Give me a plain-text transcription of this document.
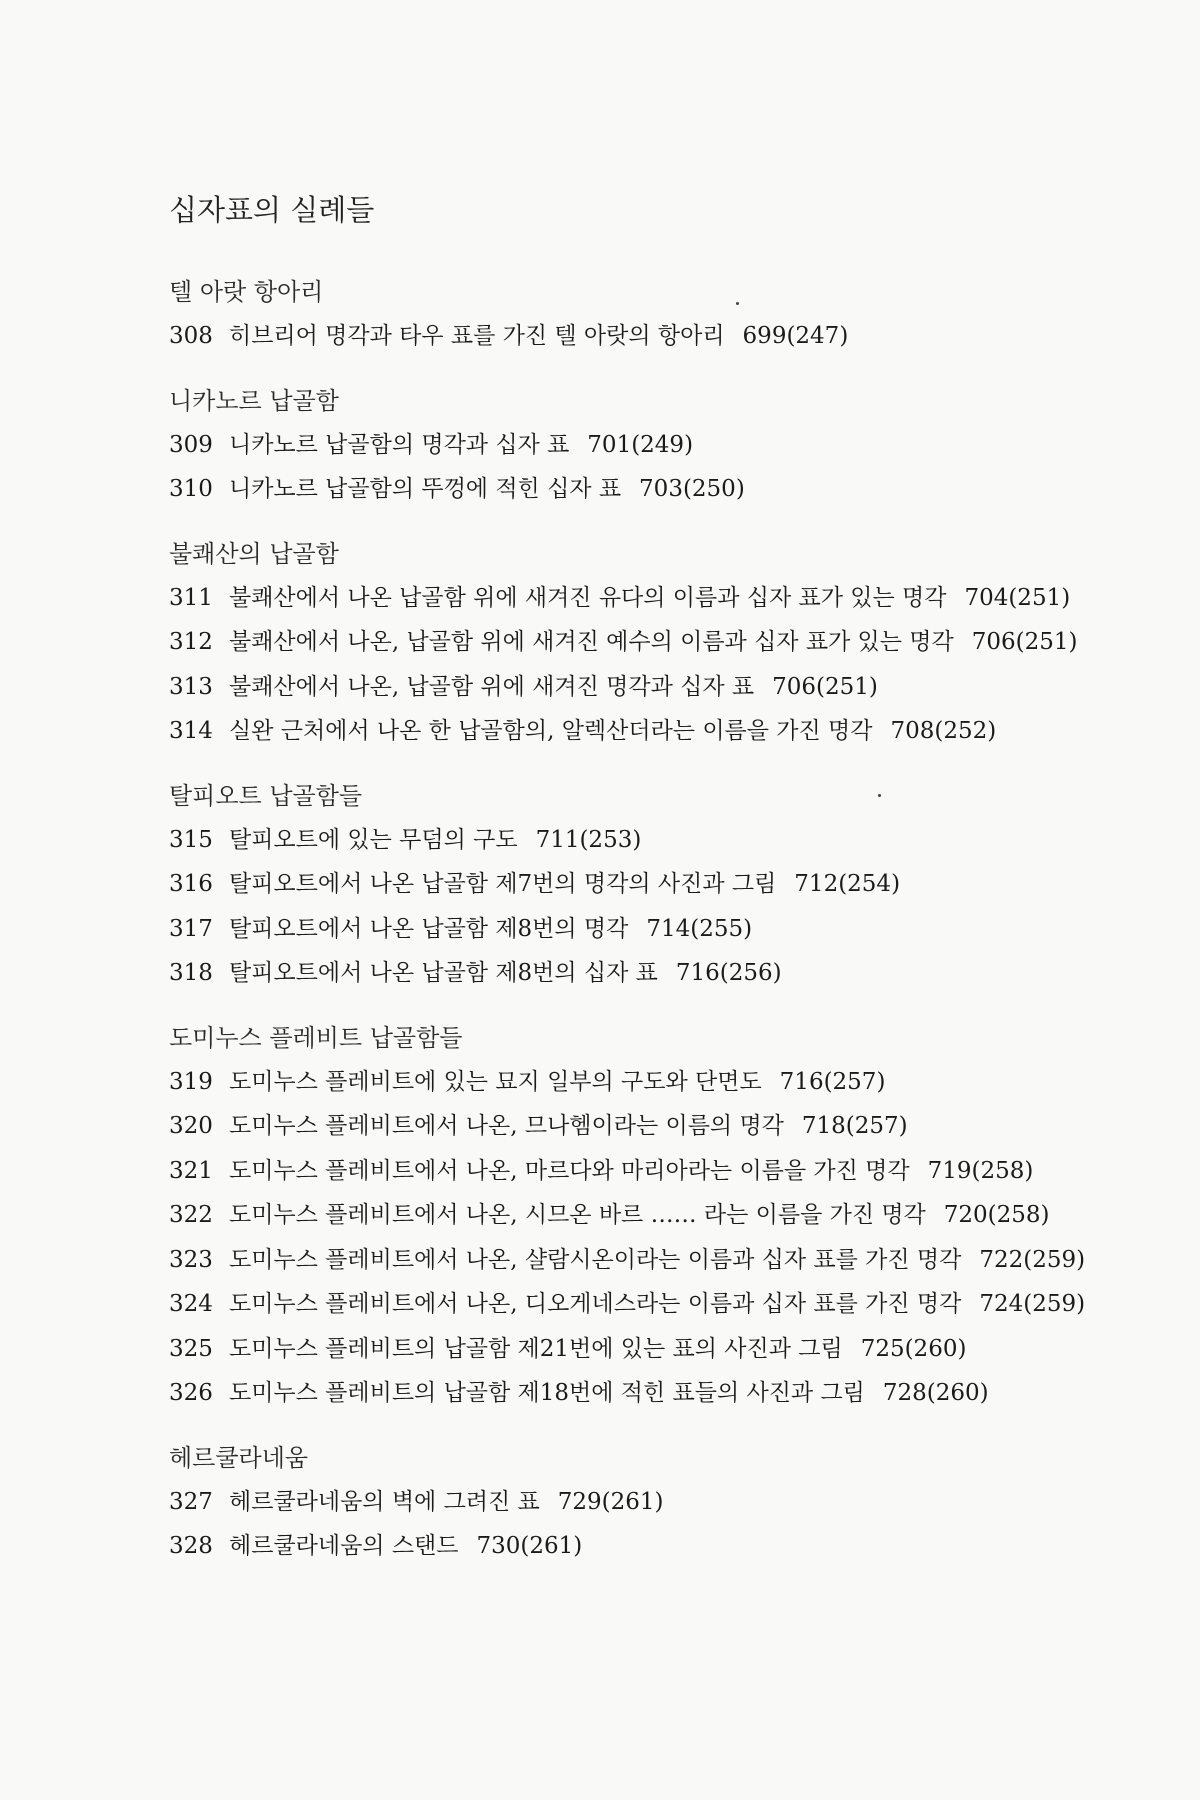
십자표의 실례들
텔 아랏 항아리
308 히브리어 명각과 타우 표를 가진 텔 아랏의 항아리 699(247)
니카노르 납골함
309 니카노르 납골함의 명각과 십자 표 701(249)
310 니카노르 납골함의 뚜껑에 적힌 십자 표 703(250)
불쾌산의 납골함
311 불쾌산에서 나온 납골함 위에 새겨진 유다의 이름과 십자 표가 있는 명각 704(251)
312 불쾌산에서 나온, 납골함 위에 새겨진 예수의 이름과 십자 표가 있는 명각 706(251)
313 불쾌산에서 나온, 납골함 위에 새겨진 명각과 십자 표 706(251)
314 실완 근처에서 나온 한 납골함의, 알렉산더라는 이름을 가진 명각 708(252)
탈피오트 납골함들
315 탈피오트에 있는 무덤의 구도 711(253)
316 탈피오트에서 나온 납골함 제7번의 명각의 사진과 그림 712(254)
317 탈피오트에서 나온 납골함 제8번의 명각 714(255)
318 탈피오트에서 나온 납골함 제8번의 십자 표 716(256)
도미누스 플레비트 납골함들
319 도미누스 플레비트에 있는 묘지 일부의 구도와 단면도 716(257)
320 도미누스 플레비트에서 나온, 므나헴이라는 이름의 명각 718(257)
321 도미누스 플레비트에서 나온, 마르다와 마리아라는 이름을 가진 명각 719(258)
322 도미누스 플레비트에서 나온, 시므온 바르 …… 라는 이름을 가진 명각 720(258)
323 도미누스 플레비트에서 나온, 샬람시온이라는 이름과 십자 표를 가진 명각 722(259)
324 도미누스 플레비트에서 나온, 디오게네스라는 이름과 십자 표를 가진 명각 724(259)
325 도미누스 플레비트의 납골함 제21번에 있는 표의 사진과 그림 725(260)
326 도미누스 플레비트의 납골함 제18번에 적힌 표들의 사진과 그림 728(260)
헤르쿨라네움
327 헤르쿨라네움의 벽에 그려진 표 729(261)
328 헤르쿨라네움의 스탠드 730(261)
